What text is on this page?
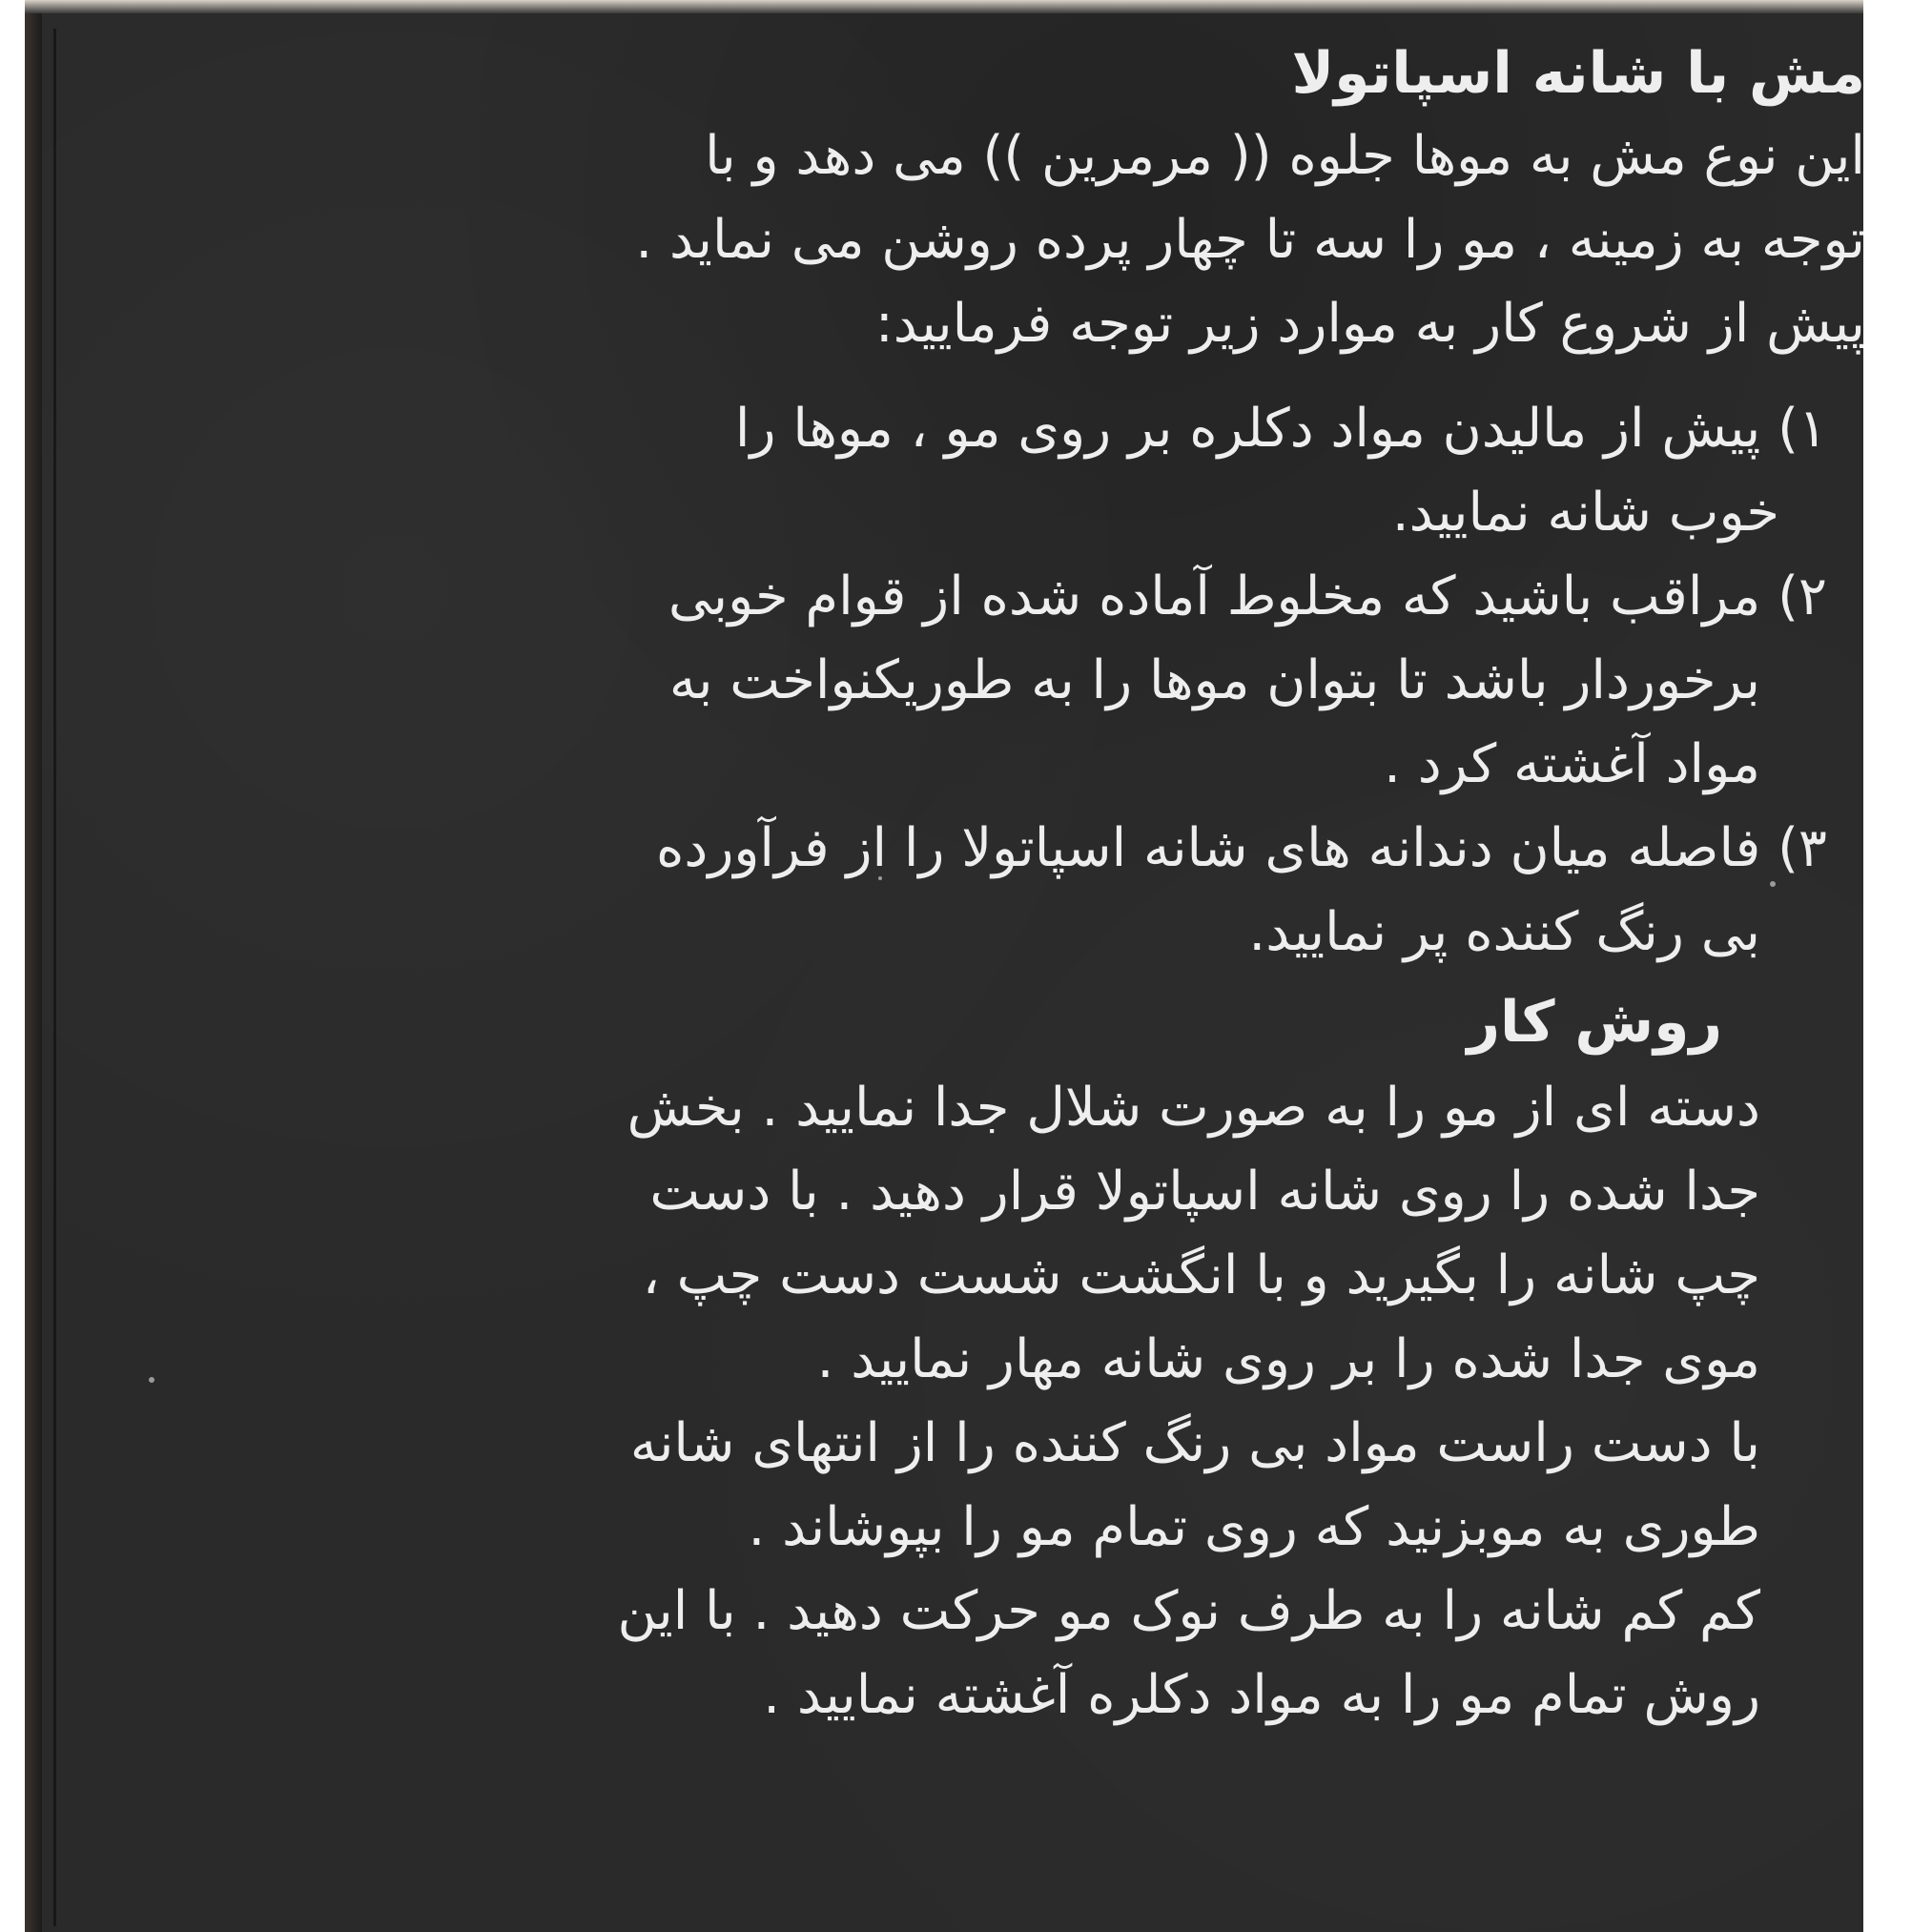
مش با شانه اسپاتولا
این نوع مش به موها جلوه (( مرمرین )) می دهد و با
توجه به زمینه ، مو را سه تا چهار پرده روشن می نماید .
پیش از شروع کار به موارد زیر توجه فرمایید:
۱) پیش از مالیدن مواد دکلره بر روی مو ، موها را
خوب شانه نمایید.
۲) مراقب باشید که مخلوط آماده شده از قوام خوبی
برخوردار باشد تا بتوان موها را به طوریکنواخت به
مواد آغشته کرد .
۳) فاصله میان دندانه های شانه اسپاتولا را از فرآورده
بی رنگ کننده پر نمایید.
روش کار
دسته ای از مو را به صورت شلال جدا نمایید . بخش
جدا شده را روی شانه اسپاتولا قرار دهید . با دست
چپ شانه را بگیرید و با انگشت شست دست چپ ،
موی جدا شده را بر روی شانه مهار نمایید .
با دست راست مواد بی رنگ کننده را از انتهای شانه
طوری به موبزنید که روی تمام مو را بپوشاند .
کم کم شانه را به طرف نوک مو حرکت دهید . با این
روش تمام مو را به مواد دکلره آغشته نمایید .
